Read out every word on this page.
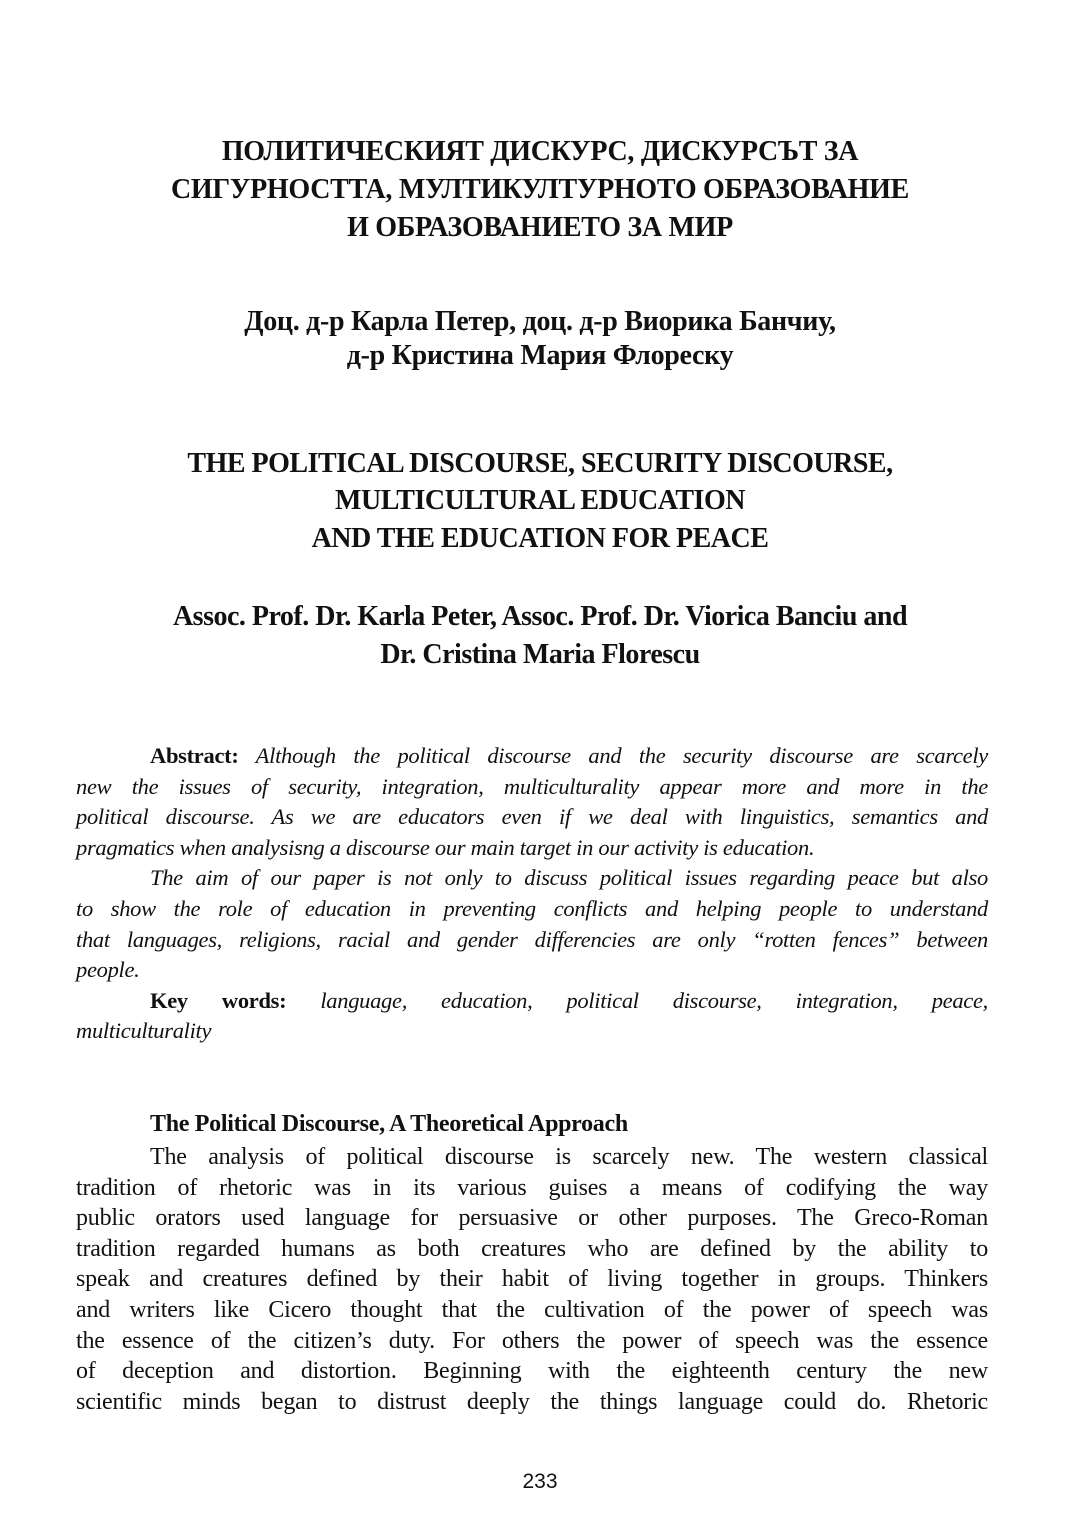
ПОЛИТИЧЕСКИЯТ ДИСКУРС, ДИСКУРСЪТ ЗА
СИГУРНОСТТА, МУЛТИКУЛТУРНОТО ОБРАЗОВАНИЕ
И ОБРАЗОВАНИЕТО ЗА МИР
Доц. д-р Карла Петер, доц. д-р Виорика Банчиу,
д-р Кристина Мария Флореску
THE POLITICAL DISCOURSE, SECURITY DISCOURSE,
MULTICULTURAL EDUCATION
AND THE EDUCATION FOR PEACE
Assoc. Prof. Dr. Karla Peter, Assoc. Prof. Dr. Viorica Banciu and
Dr. Cristina Maria Florescu
Abstract: Although the political discourse and the security discourse are scarcely
new the issues of security, integration, multiculturality appear more and more in the
political discourse. As we are educators even if we deal with linguistics, semantics and
pragmatics when analysisng a discourse our main target in our activity is education.
The aim of our paper is not only to discuss political issues regarding peace but also
to show the role of education in preventing conflicts and helping people to understand
that languages, religions, racial and gender differencies are only “rotten fences” between
people.
Key words: language, education, political discourse, integration, peace,
multiculturality
The Political Discourse, A Theoretical Approach
The analysis of political discourse is scarcely new. The western classical
tradition of rhetoric was in its various guises a means of codifying the way
public orators used language for persuasive or other purposes. The Greco-Roman
tradition regarded humans as both creatures who are defined by the ability to
speak and creatures defined by their habit of living together in groups. Thinkers
and writers like Cicero thought that the cultivation of the power of speech was
the essence of the citizen’s duty. For others the power of speech was the essence
of deception and distortion. Beginning with the eighteenth century the new
scientific minds began to distrust deeply the things language could do. Rhetoric
233
